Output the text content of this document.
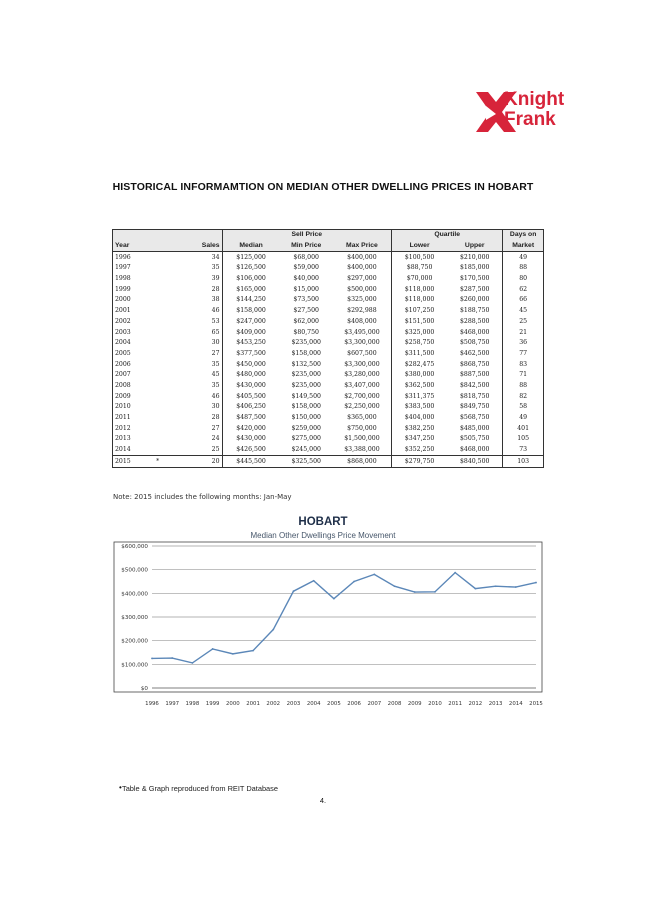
Knight
Frank
HISTORICAL INFORMAMTION ON MEDIAN OTHER DWELLING PRICES IN HOBART
			Sell Price			Quartile		Days on
Year		Sales	Median	Min Price	Max Price	Lower	Upper	Market
1996		34	$125,000	$68,000	$400,000	$100,500	$210,000	49
1997		35	$126,500	$59,000	$400,000	$88,750	$185,000	88
1998		39	$106,000	$40,000	$297,000	$70,000	$170,500	80
1999		28	$165,000	$15,000	$500,000	$118,000	$287,500	62
2000		38	$144,250	$73,500	$325,000	$118,000	$260,000	66
2001		46	$158,000	$27,500	$292,988	$107,250	$188,750	45
2002		53	$247,000	$62,000	$408,000	$151,500	$288,500	25
2003		65	$409,000	$80,750	$3,495,000	$325,000	$468,000	21
2004		30	$453,250	$235,000	$3,300,000	$258,750	$508,750	36
2005		27	$377,500	$158,000	$607,500	$311,500	$462,500	77
2006		35	$450,000	$132,500	$3,300,000	$282,475	$868,750	83
2007		45	$480,000	$235,000	$3,280,000	$380,000	$887,500	71
2008		35	$430,000	$235,000	$3,407,000	$362,500	$842,500	88
2009		46	$405,500	$149,500	$2,700,000	$311,375	$818,750	82
2010		30	$406,250	$158,000	$2,250,000	$383,500	$849,750	58
2011		28	$487,500	$150,000	$365,000	$404,000	$568,750	49
2012		27	$420,000	$259,000	$750,000	$382,250	$485,000	401
2013		24	$430,000	$275,000	$1,500,000	$347,250	$505,750	105
2014		25	$426,500	$245,000	$3,388,000	$352,250	$468,000	73
2015	*	20	$445,500	$325,500	$868,000	$279,750	$840,500	103
Note: 2015 includes the following months: Jan-May
HOBART
Median Other Dwellings Price Movement
$600,000
$500,000
$400,000
$300,000
$200,000
$100,000
$0
1996 1997 1998 1999 2000 2001 2002 2003 2004 2005 2006 2007 2008 2009 2010 2011 2012 2013 2014 2015
• Table & Graph reproduced from REIT Database
4.
